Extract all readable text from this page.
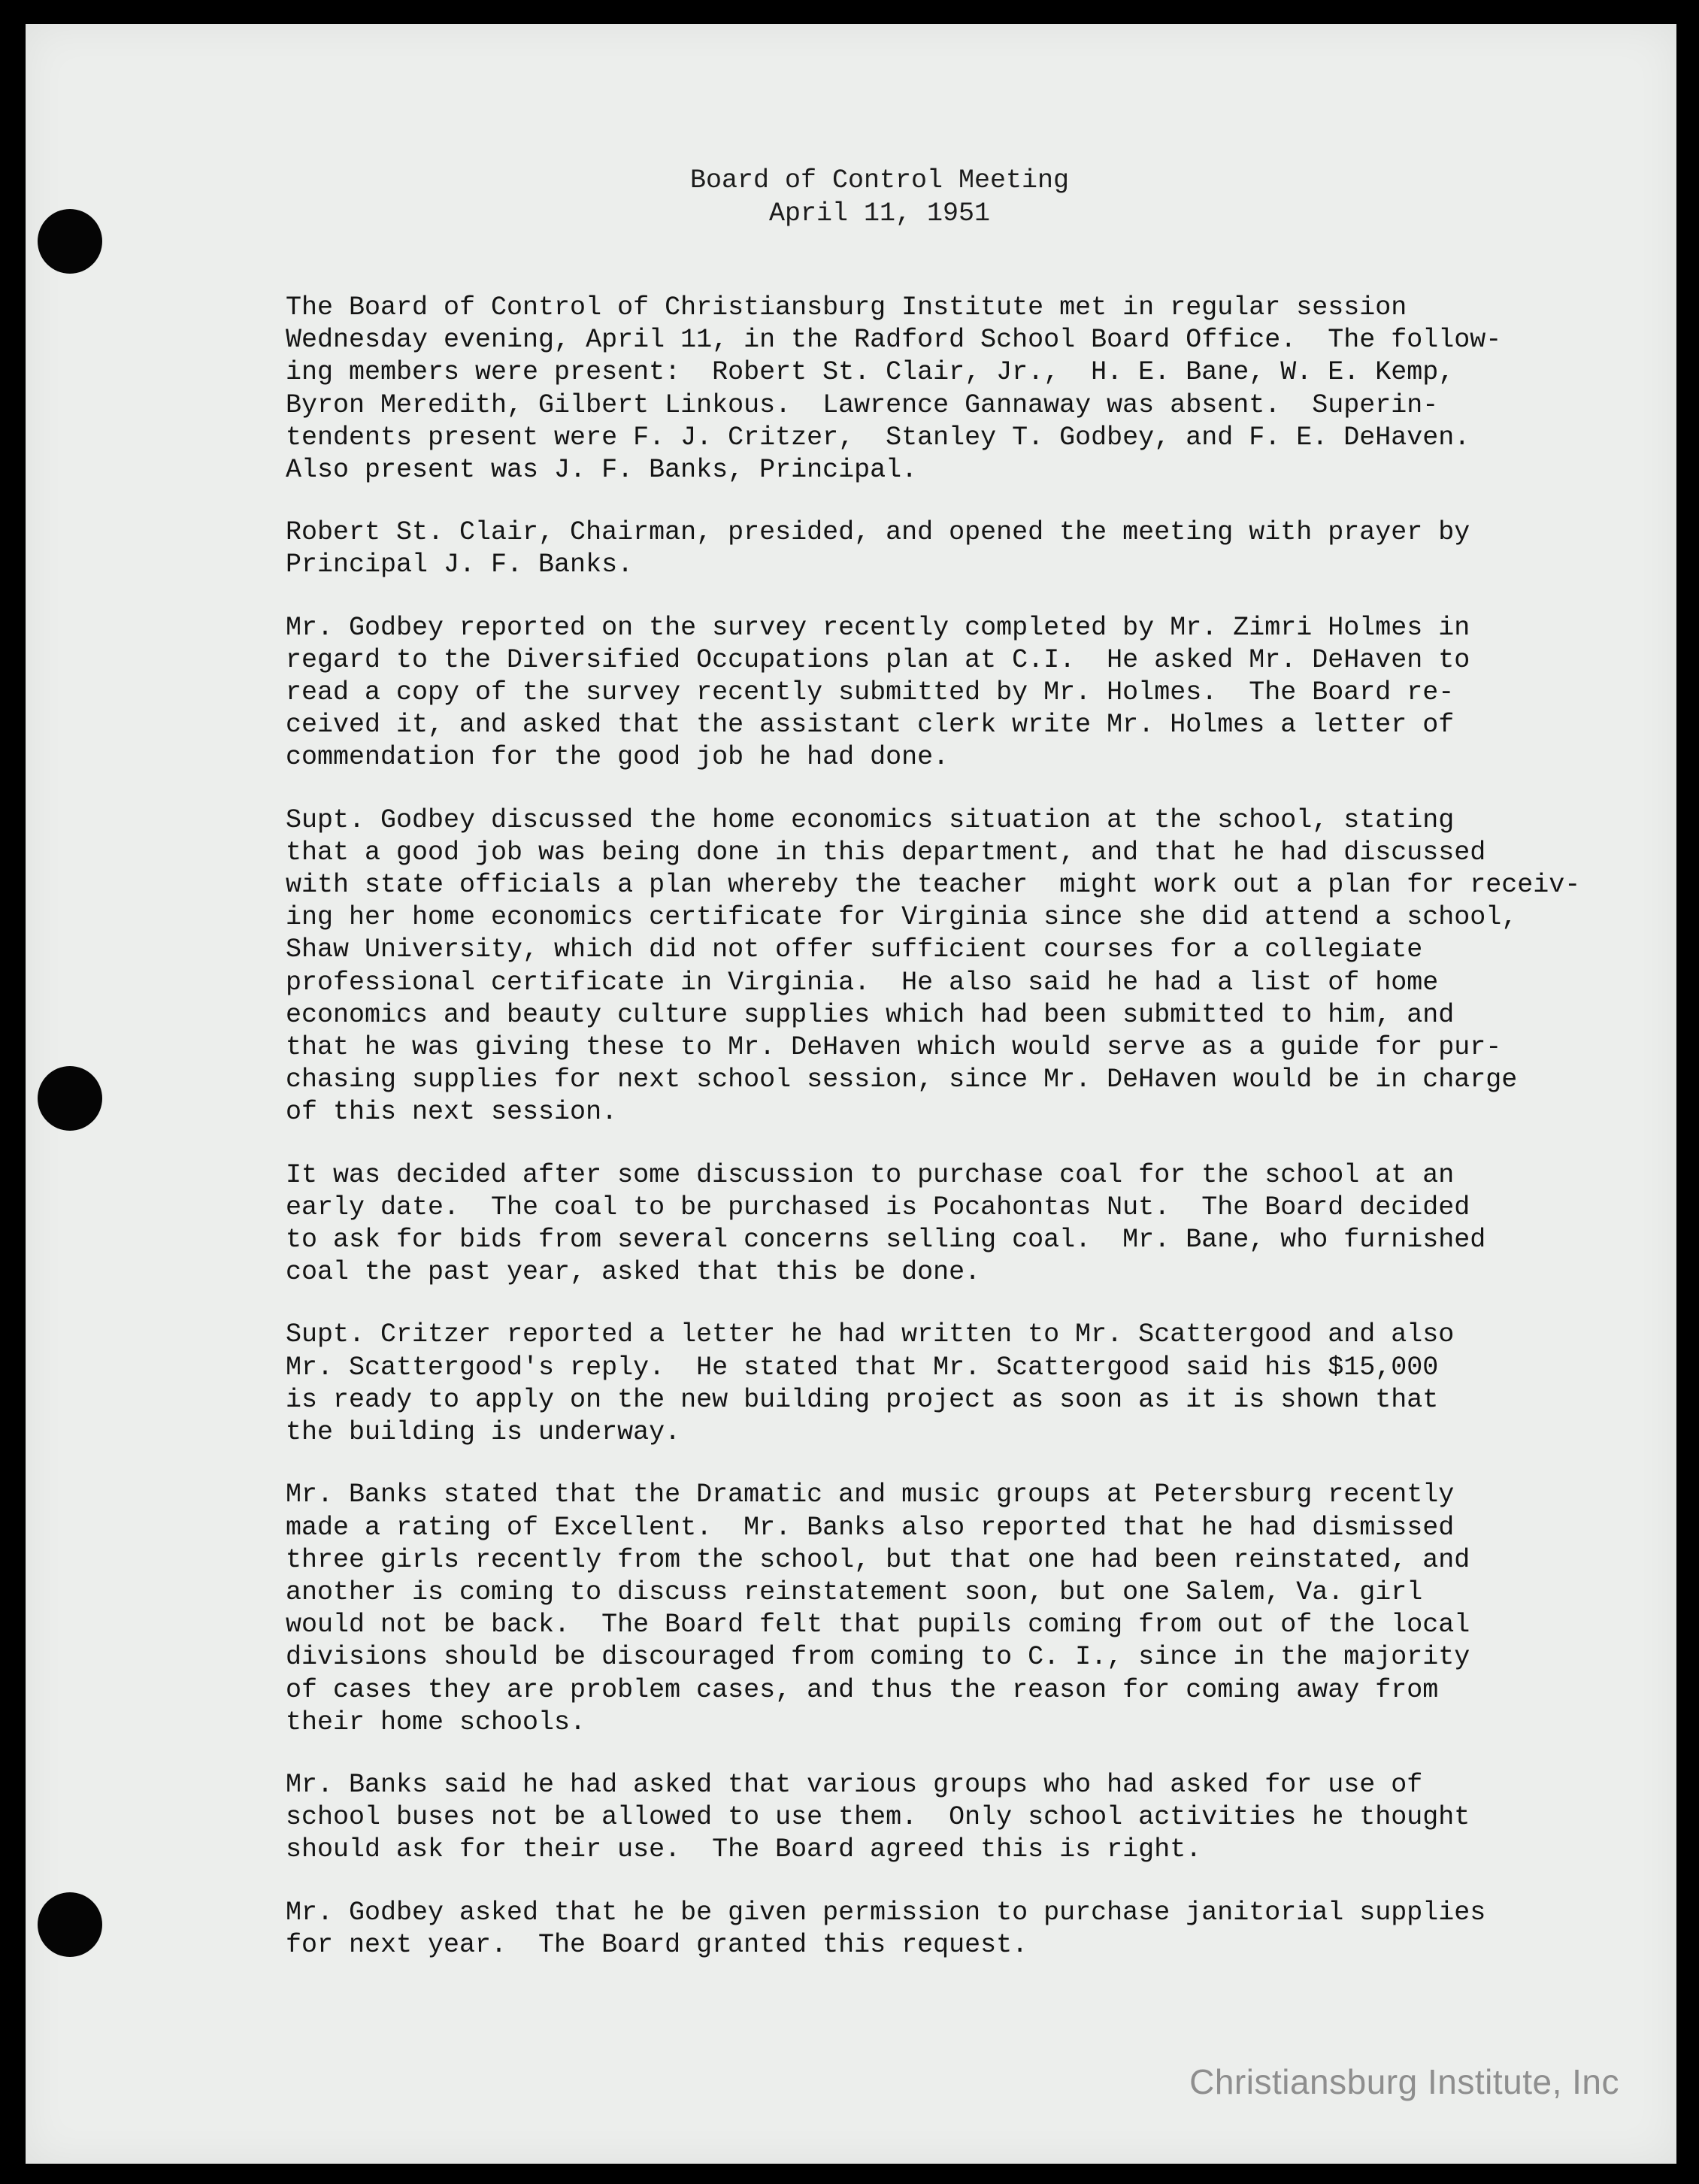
Board of Control Meeting
April 11, 1951
The Board of Control of Christiansburg Institute met in regular session
Wednesday evening, April 11, in the Radford School Board Office.  The follow-
ing members were present:  Robert St. Clair, Jr.,  H. E. Bane, W. E. Kemp,
Byron Meredith, Gilbert Linkous.  Lawrence Gannaway was absent.  Superin-
tendents present were F. J. Critzer,  Stanley T. Godbey, and F. E. DeHaven.
Also present was J. F. Banks, Principal.
Robert St. Clair, Chairman, presided, and opened the meeting with prayer by
Principal J. F. Banks.
Mr. Godbey reported on the survey recently completed by Mr. Zimri Holmes in
regard to the Diversified Occupations plan at C.I.  He asked Mr. DeHaven to
read a copy of the survey recently submitted by Mr. Holmes.  The Board re-
ceived it, and asked that the assistant clerk write Mr. Holmes a letter of
commendation for the good job he had done.
Supt. Godbey discussed the home economics situation at the school, stating
that a good job was being done in this department, and that he had discussed
with state officials a plan whereby the teacher  might work out a plan for receiv-
ing her home economics certificate for Virginia since she did attend a school,
Shaw University, which did not offer sufficient courses for a collegiate
professional certificate in Virginia.  He also said he had a list of home
economics and beauty culture supplies which had been submitted to him, and
that he was giving these to Mr. DeHaven which would serve as a guide for pur-
chasing supplies for next school session, since Mr. DeHaven would be in charge
of this next session.
It was decided after some discussion to purchase coal for the school at an
early date.  The coal to be purchased is Pocahontas Nut.  The Board decided
to ask for bids from several concerns selling coal.  Mr. Bane, who furnished
coal the past year, asked that this be done.
Supt. Critzer reported a letter he had written to Mr. Scattergood and also
Mr. Scattergood's reply.  He stated that Mr. Scattergood said his $15,000
is ready to apply on the new building project as soon as it is shown that
the building is underway.
Mr. Banks stated that the Dramatic and music groups at Petersburg recently
made a rating of Excellent.  Mr. Banks also reported that he had dismissed
three girls recently from the school, but that one had been reinstated, and
another is coming to discuss reinstatement soon, but one Salem, Va. girl
would not be back.  The Board felt that pupils coming from out of the local
divisions should be discouraged from coming to C. I., since in the majority
of cases they are problem cases, and thus the reason for coming away from
their home schools.
Mr. Banks said he had asked that various groups who had asked for use of
school buses not be allowed to use them.  Only school activities he thought
should ask for their use.  The Board agreed this is right.
Mr. Godbey asked that he be given permission to purchase janitorial supplies
for next year.  The Board granted this request.
Christiansburg Institute, Inc
